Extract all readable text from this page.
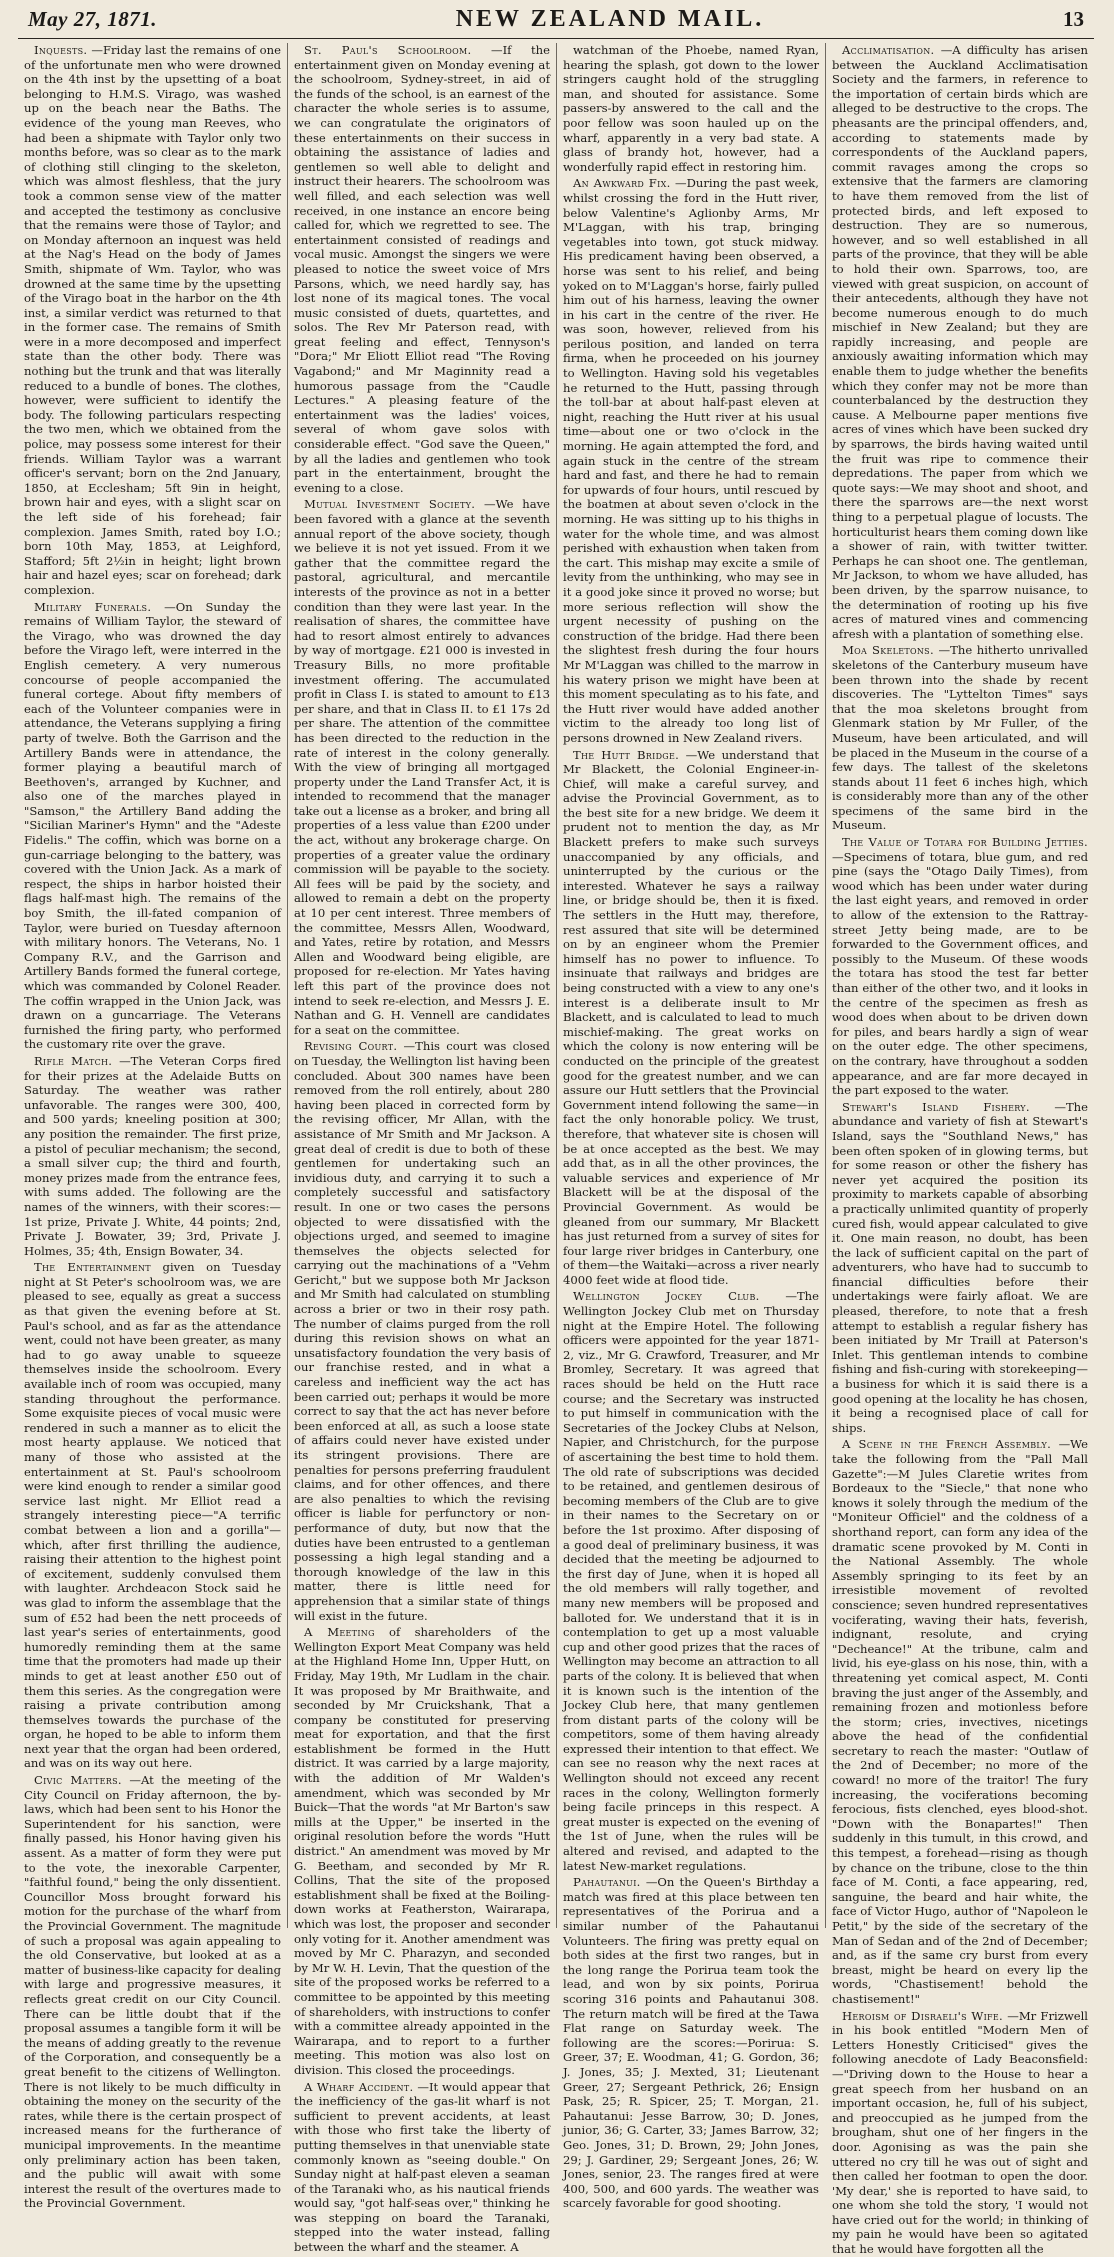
May 27, 1871.	NEW ZEALAND MAIL.	13

Inquests. —Friday last the remains of one of the unfortunate men who were drowned on the 4th inst by the upsetting of a boat belonging to H.M.S. Virago, was washed up on the beach near the Baths. The evidence of the young man Reeves, who had been a shipmate with Taylor only two months before, was so clear as to the mark of clothing still clinging to the skeleton, which was almost fleshless, that the jury took a common sense view of the matter and accepted the testimony as conclusive that the remains were those of Taylor; and on Monday afternoon an inquest was held at the Nag's Head on the body of James Smith, shipmate of Wm. Taylor, who was drowned at the same time by the upsetting of the Virago boat in the harbor on the 4th inst, a similar verdict was returned to that in the former case. The remains of Smith were in a more decomposed and imperfect state than the other body. There was nothing but the trunk and that was literally reduced to a bundle of bones. The clothes, however, were sufficient to identify the body. The following particulars respecting the two men, which we obtained from the police, may possess some interest for their friends. William Taylor was a warrant officer's servant; born on the 2nd January, 1850, at Ecclesham; 5ft 9in in height, brown hair and eyes, with a slight scar on the left side of his forehead; fair complexion. James Smith, rated boy I.O.; born 10th May, 1853, at Leighford, Stafford; 5ft 2½in in height; light brown hair and hazel eyes; scar on forehead; dark complexion.

Military Funerals. —On Sunday the remains of William Taylor, the steward of the Virago, who was drowned the day before the Virago left, were interred in the English cemetery. A very numerous concourse of people accompanied the funeral cortege. About fifty members of each of the Volunteer companies were in attendance, the Veterans supplying a firing party of twelve. Both the Garrison and the Artillery Bands were in attendance, the former playing a beautiful march of Beethoven's, arranged by Kuchner, and also one of the marches played in "Samson," the Artillery Band adding the "Sicilian Mariner's Hymn" and the "Adeste Fidelis." The coffin, which was borne on a gun-carriage belonging to the battery, was covered with the Union Jack. As a mark of respect, the ships in harbor hoisted their flags half-mast high. The remains of the boy Smith, the ill-fated companion of Taylor, were buried on Tuesday afternoon with military honors. The Veterans, No. 1 Company R.V., and the Garrison and Artillery Bands formed the funeral cortege, which was commanded by Colonel Reader. The coffin wrapped in the Union Jack, was drawn on a guncarriage. The Veterans furnished the firing party, who performed the customary rite over the grave.

Rifle Match. —The Veteran Corps fired for their prizes at the Adelaide Butts on Saturday. The weather was rather unfavorable. The ranges were 300, 400, and 500 yards; kneeling position at 300; any position the remainder. The first prize, a pistol of peculiar mechanism; the second, a small silver cup; the third and fourth, money prizes made from the entrance fees, with sums added. The following are the names of the winners, with their scores:—1st prize, Private J. White, 44 points; 2nd, Private J. Bowater, 39; 3rd, Private J. Holmes, 35; 4th, Ensign Bowater, 34.

The Entertainment given on Tuesday night at St Peter's schoolroom was, we are pleased to see, equally as great a success as that given the evening before at St. Paul's school, and as far as the attendance went, could not have been greater, as many had to go away unable to squeeze themselves inside the schoolroom. Every available inch of room was occupied, many standing throughout the performance. Some exquisite pieces of vocal music were rendered in such a manner as to elicit the most hearty applause. We noticed that many of those who assisted at the entertainment at St. Paul's schoolroom were kind enough to render a similar good service last night. Mr Elliot read a strangely interesting piece—"A terrific combat between a lion and a gorilla"—which, after first thrilling the audience, raising their attention to the highest point of excitement, suddenly convulsed them with laughter. Archdeacon Stock said he was glad to inform the assemblage that the sum of £52 had been the nett proceeds of last year's series of entertainments, good humoredly reminding them at the same time that the promoters had made up their minds to get at least another £50 out of them this series. As the congregation were raising a private contribution among themselves towards the purchase of the organ, he hoped to be able to inform them next year that the organ had been ordered, and was on its way out here.

Civic Matters. —At the meeting of the City Council on Friday afternoon, the by-laws, which had been sent to his Honor the Superintendent for his sanction, were finally passed, his Honor having given his assent. As a matter of form they were put to the vote, the inexorable Carpenter, "faithful found," being the only dissentient. Councillor Moss brought forward his motion for the purchase of the wharf from the Provincial Government. The magnitude of such a proposal was again appealing to the old Conservative, but looked at as a matter of business-like capacity for dealing with large and progressive measures, it reflects great credit on our City Council. There can be little doubt that if the proposal assumes a tangible form it will be the means of adding greatly to the revenue of the Corporation, and consequently be a great benefit to the citizens of Wellington. There is not likely to be much difficulty in obtaining the money on the security of the rates, while there is the certain prospect of increased means for the furtherance of municipal improvements. In the meantime only preliminary action has been taken, and the public will await with some interest the result of the overtures made to the Provincial Government.

St. Paul's Schoolroom. —If the entertainment given on Monday evening at the schoolroom, Sydney-street, in aid of the funds of the school, is an earnest of the character the whole series is to assume, we can congratulate the originators of these entertainments on their success in obtaining the assistance of ladies and gentlemen so well able to delight and instruct their hearers. The schoolroom was well filled, and each selection was well received, in one instance an encore being called for, which we regretted to see. The entertainment consisted of readings and vocal music. Amongst the singers we were pleased to notice the sweet voice of Mrs Parsons, which, we need hardly say, has lost none of its magical tones. The vocal music consisted of duets, quartettes, and solos. The Rev Mr Paterson read, with great feeling and effect, Tennyson's "Dora;" Mr Eliott Elliot read "The Roving Vagabond;" and Mr Maginnity read a humorous passage from the "Caudle Lectures." A pleasing feature of the entertainment was the ladies' voices, several of whom gave solos with considerable effect. "God save the Queen," by all the ladies and gentlemen who took part in the entertainment, brought the evening to a close.

Mutual Investment Society. —We have been favored with a glance at the seventh annual report of the above society, though we believe it is not yet issued. From it we gather that the committee regard the pastoral, agricultural, and mercantile interests of the province as not in a better condition than they were last year. In the realisation of shares, the committee have had to resort almost entirely to advances by way of mortgage. £21 000 is invested in Treasury Bills, no more profitable investment offering. The accumulated profit in Class I. is stated to amount to £13 per share, and that in Class II. to £1 17s 2d per share. The attention of the committee has been directed to the reduction in the rate of interest in the colony generally. With the view of bringing all mortgaged property under the Land Transfer Act, it is intended to recommend that the manager take out a license as a broker, and bring all properties of a less value than £200 under the act, without any brokerage charge. On properties of a greater value the ordinary commission will be payable to the society. All fees will be paid by the society, and allowed to remain a debt on the property at 10 per cent interest. Three members of the committee, Messrs Allen, Woodward, and Yates, retire by rotation, and Messrs Allen and Woodward being eligible, are proposed for re-election. Mr Yates having left this part of the province does not intend to seek re-election, and Messrs J. E. Nathan and G. H. Vennell are candidates for a seat on the committee.

Revising Court. —This court was closed on Tuesday, the Wellington list having been concluded. About 300 names have been removed from the roll entirely, about 280 having been placed in corrected form by the revising officer, Mr Allan, with the assistance of Mr Smith and Mr Jackson. A great deal of credit is due to both of these gentlemen for undertaking such an invidious duty, and carrying it to such a completely successful and satisfactory result. In one or two cases the persons objected to were dissatisfied with the objections urged, and seemed to imagine themselves the objects selected for carrying out the machinations of a "Vehm Gericht," but we suppose both Mr Jackson and Mr Smith had calculated on stumbling across a brier or two in their rosy path. The number of claims purged from the roll during this revision shows on what an unsatisfactory foundation the very basis of our franchise rested, and in what a careless and inefficient way the act has been carried out; perhaps it would be more correct to say that the act has never before been enforced at all, as such a loose state of affairs could never have existed under its stringent provisions. There are penalties for persons preferring fraudulent claims, and for other offences, and there are also penalties to which the revising officer is liable for perfunctory or non-performance of duty, but now that the duties have been entrusted to a gentleman possessing a high legal standing and a thorough knowledge of the law in this matter, there is little need for apprehension that a similar state of things will exist in the future.

A Meeting of shareholders of the Wellington Export Meat Company was held at the Highland Home Inn, Upper Hutt, on Friday, May 19th, Mr Ludlam in the chair. It was proposed by Mr Braithwaite, and seconded by Mr Cruickshank, That a company be constituted for preserving meat for exportation, and that the first establishment be formed in the Hutt district. It was carried by a large majority, with the addition of Mr Walden's amendment, which was seconded by Mr Buick—That the words "at Mr Barton's saw mills at the Upper," be inserted in the original resolution before the words "Hutt district." An amendment was moved by Mr G. Beetham, and seconded by Mr R. Collins, That the site of the proposed establishment shall be fixed at the Boiling-down works at Featherston, Wairarapa, which was lost, the proposer and seconder only voting for it. Another amendment was moved by Mr C. Pharazyn, and seconded by Mr W. H. Levin, That the question of the site of the proposed works be referred to a committee to be appointed by this meeting of shareholders, with instructions to confer with a committee already appointed in the Wairarapa, and to report to a further meeting. This motion was also lost on division. This closed the proceedings.

A Wharf Accident. —It would appear that the inefficiency of the gas-lit wharf is not sufficient to prevent accidents, at least with those who first take the liberty of putting themselves in that unenviable state commonly known as "seeing double." On Sunday night at half-past eleven a seaman of the Taranaki who, as his nautical friends would say, "got half-seas over," thinking he was stepping on board the Taranaki, stepped into the water instead, falling between the wharf and the steamer. A

watchman of the Phoebe, named Ryan, hearing the splash, got down to the lower stringers caught hold of the struggling man, and shouted for assistance. Some passers-by answered to the call and the poor fellow was soon hauled up on the wharf, apparently in a very bad state. A glass of brandy hot, however, had a wonderfully rapid effect in restoring him.

An Awkward Fix. —During the past week, whilst crossing the ford in the Hutt river, below Valentine's Aglionby Arms, Mr M'Laggan, with his trap, bringing vegetables into town, got stuck midway. His predicament having been observed, a horse was sent to his relief, and being yoked on to M'Laggan's horse, fairly pulled him out of his harness, leaving the owner in his cart in the centre of the river. He was soon, however, relieved from his perilous position, and landed on terra firma, when he proceeded on his journey to Wellington. Having sold his vegetables he returned to the Hutt, passing through the toll-bar at about half-past eleven at night, reaching the Hutt river at his usual time—about one or two o'clock in the morning. He again attempted the ford, and again stuck in the centre of the stream hard and fast, and there he had to remain for upwards of four hours, until rescued by the boatmen at about seven o'clock in the morning. He was sitting up to his thighs in water for the whole time, and was almost perished with exhaustion when taken from the cart. This mishap may excite a smile of levity from the unthinking, who may see in it a good joke since it proved no worse; but more serious reflection will show the urgent necessity of pushing on the construction of the bridge. Had there been the slightest fresh during the four hours Mr M'Laggan was chilled to the marrow in his watery prison we might have been at this moment speculating as to his fate, and the Hutt river would have added another victim to the already too long list of persons drowned in New Zealand rivers.

The Hutt Bridge. —We understand that Mr Blackett, the Colonial Engineer-in-Chief, will make a careful survey, and advise the Provincial Government, as to the best site for a new bridge. We deem it prudent not to mention the day, as Mr Blackett prefers to make such surveys unaccompanied by any officials, and uninterrupted by the curious or the interested. Whatever he says a railway line, or bridge should be, then it is fixed. The settlers in the Hutt may, therefore, rest assured that site will be determined on by an engineer whom the Premier himself has no power to influence. To insinuate that railways and bridges are being constructed with a view to any one's interest is a deliberate insult to Mr Blackett, and is calculated to lead to much mischief-making. The great works on which the colony is now entering will be conducted on the principle of the greatest good for the greatest number, and we can assure our Hutt settlers that the Provincial Government intend following the same—in fact the only honorable policy. We trust, therefore, that whatever site is chosen will be at once accepted as the best. We may add that, as in all the other provinces, the valuable services and experience of Mr Blackett will be at the disposal of the Provincial Government. As would be gleaned from our summary, Mr Blackett has just returned from a survey of sites for four large river bridges in Canterbury, one of them—the Waitaki—across a river nearly 4000 feet wide at flood tide.

Wellington Jockey Club. —The Wellington Jockey Club met on Thursday night at the Empire Hotel. The following officers were appointed for the year 1871-2, viz., Mr G. Crawford, Treasurer, and Mr Bromley, Secretary. It was agreed that races should be held on the Hutt race course; and the Secretary was instructed to put himself in communication with the Secretaries of the Jockey Clubs at Nelson, Napier, and Christchurch, for the purpose of ascertaining the best time to hold them. The old rate of subscriptions was decided to be retained, and gentlemen desirous of becoming members of the Club are to give in their names to the Secretary on or before the 1st proximo. After disposing of a good deal of preliminary business, it was decided that the meeting be adjourned to the first day of June, when it is hoped all the old members will rally together, and many new members will be proposed and balloted for. We understand that it is in contemplation to get up a most valuable cup and other good prizes that the races of Wellington may become an attraction to all parts of the colony. It is believed that when it is known such is the intention of the Jockey Club here, that many gentlemen from distant parts of the colony will be competitors, some of them having already expressed their intention to that effect. We can see no reason why the next races at Wellington should not exceed any recent races in the colony, Wellington formerly being facile princeps in this respect. A great muster is expected on the evening of the 1st of June, when the rules will be altered and revised, and adapted to the latest New-market regulations.

Pahautanui. —On the Queen's Birthday a match was fired at this place between ten representatives of the Porirua and a similar number of the Pahautanui Volunteers. The firing was pretty equal on both sides at the first two ranges, but in the long range the Porirua team took the lead, and won by six points, Porirua scoring 316 points and Pahautanui 308. The return match will be fired at the Tawa Flat range on Saturday week. The following are the scores:—Porirua: S. Greer, 37; E. Woodman, 41; G. Gordon, 36; J. Jones, 35; J. Mexted, 31; Lieutenant Greer, 27; Sergeant Pethrick, 26; Ensign Pask, 25; R. Spicer, 25; T. Morgan, 21. Pahautanui: Jesse Barrow, 30; D. Jones, junior, 36; G. Carter, 33; James Barrow, 32; Geo. Jones, 31; D. Brown, 29; John Jones, 29; J. Gardiner, 29; Sergeant Jones, 26; W. Jones, senior, 23. The ranges fired at were 400, 500, and 600 yards. The weather was scarcely favorable for good shooting.

Acclimatisation. —A difficulty has arisen between the Auckland Acclimatisation Society and the farmers, in reference to the importation of certain birds which are alleged to be destructive to the crops. The pheasants are the principal offenders, and, according to statements made by correspondents of the Auckland papers, commit ravages among the crops so extensive that the farmers are clamoring to have them removed from the list of protected birds, and left exposed to destruction. They are so numerous, however, and so well established in all parts of the province, that they will be able to hold their own. Sparrows, too, are viewed with great suspicion, on account of their antecedents, although they have not become numerous enough to do much mischief in New Zealand; but they are rapidly increasing, and people are anxiously awaiting information which may enable them to judge whether the benefits which they confer may not be more than counterbalanced by the destruction they cause. A Melbourne paper mentions five acres of vines which have been sucked dry by sparrows, the birds having waited until the fruit was ripe to commence their depredations. The paper from which we quote says:—We may shoot and shoot, and there the sparrows are—the next worst thing to a perpetual plague of locusts. The horticulturist hears them coming down like a shower of rain, with twitter twitter. Perhaps he can shoot one. The gentleman, Mr Jackson, to whom we have alluded, has been driven, by the sparrow nuisance, to the determination of rooting up his five acres of matured vines and commencing afresh with a plantation of something else.

Moa Skeletons. —The hitherto unrivalled skeletons of the Canterbury museum have been thrown into the shade by recent discoveries. The "Lyttelton Times" says that the moa skeletons brought from Glenmark station by Mr Fuller, of the Museum, have been articulated, and will be placed in the Museum in the course of a few days. The tallest of the skeletons stands about 11 feet 6 inches high, which is considerably more than any of the other specimens of the same bird in the Museum.

The Value of Totara for Building Jetties. —Specimens of totara, blue gum, and red pine (says the "Otago Daily Times), from wood which has been under water during the last eight years, and removed in order to allow of the extension to the Rattray-street Jetty being made, are to be forwarded to the Government offices, and possibly to the Museum. Of these woods the totara has stood the test far better than either of the other two, and it looks in the centre of the specimen as fresh as wood does when about to be driven down for piles, and bears hardly a sign of wear on the outer edge. The other specimens, on the contrary, have throughout a sodden appearance, and are far more decayed in the part exposed to the water.

Stewart's Island Fishery. —The abundance and variety of fish at Stewart's Island, says the "Southland News," has been often spoken of in glowing terms, but for some reason or other the fishery has never yet acquired the position its proximity to markets capable of absorbing a practically unlimited quantity of properly cured fish, would appear calculated to give it. One main reason, no doubt, has been the lack of sufficient capital on the part of adventurers, who have had to succumb to financial difficulties before their undertakings were fairly afloat. We are pleased, therefore, to note that a fresh attempt to establish a regular fishery has been initiated by Mr Traill at Paterson's Inlet. This gentleman intends to combine fishing and fish-curing with storekeeping—a business for which it is said there is a good opening at the locality he has chosen, it being a recognised place of call for ships.

A Scene in the French Assembly. —We take the following from the "Pall Mall Gazette":—M Jules Claretie writes from Bordeaux to the "Siecle," that none who knows it solely through the medium of the "Moniteur Officiel" and the coldness of a shorthand report, can form any idea of the dramatic scene provoked by M. Conti in the National Assembly. The whole Assembly springing to its feet by an irresistible movement of revolted conscience; seven hundred representatives vociferating, waving their hats, feverish, indignant, resolute, and crying "Decheance!" At the tribune, calm and livid, his eye-glass on his nose, thin, with a threatening yet comical aspect, M. Conti braving the just anger of the Assembly, and remaining frozen and motionless before the storm; cries, invectives, nicetings above the head of the confidential secretary to reach the master: "Outlaw of the 2nd of December; no more of the coward! no more of the traitor! The fury increasing, the vociferations becoming ferocious, fists clenched, eyes blood-shot. "Down with the Bonapartes!" Then suddenly in this tumult, in this crowd, and this tempest, a forehead—rising as though by chance on the tribune, close to the thin face of M. Conti, a face appearing, red, sanguine, the beard and hair white, the face of Victor Hugo, author of "Napoleon le Petit," by the side of the secretary of the Man of Sedan and of the 2nd of December; and, as if the same cry burst from every breast, might be heard on every lip the words, "Chastisement! behold the chastisement!"

Heroism of Disraeli's Wife. —Mr Frizwell in his book entitled "Modern Men of Letters Honestly Criticised" gives the following anecdote of Lady Beaconsfield:—"Driving down to the House to hear a great speech from her husband on an important occasion, he, full of his subject, and preoccupied as he jumped from the brougham, shut one of her fingers in the door. Agonising as was the pain she uttered no cry till he was out of sight and then called her footman to open the door. 'My dear,' she is reported to have said, to one whom she told the story, 'I would not have cried out for the world; in thinking of my pain he would have been so agitated that he would have forgotten all the
